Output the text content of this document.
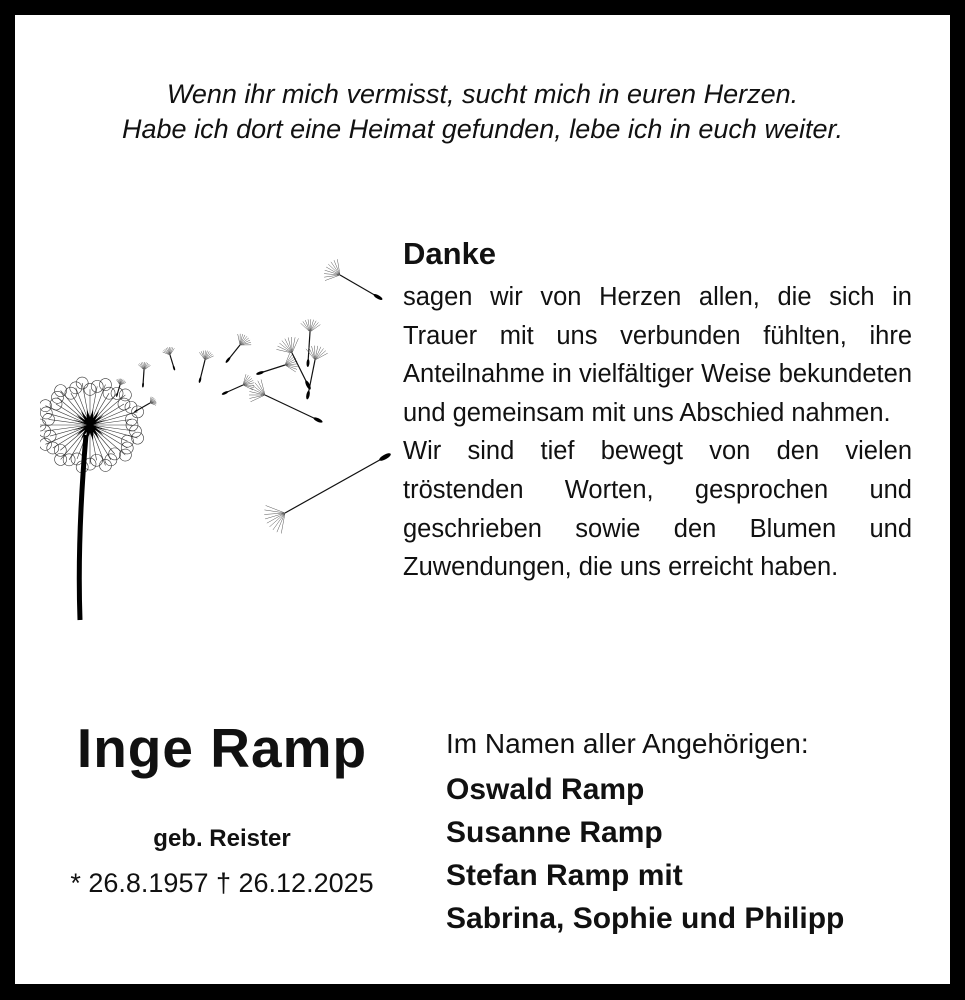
Wenn ihr mich vermisst, sucht mich in euren Herzen.
Habe ich dort eine Heimat gefunden, lebe ich in euch weiter.
Danke

sagen wir von Herzen allen, die sich in Trauer mit uns verbunden fühlten, ihre Anteilnahme in vielfältiger Weise bekundeten und gemeinsam mit uns Abschied nahmen.

Wir sind tief bewegt von den vielen tröstenden Worten, gesprochen und geschrieben sowie den Blumen und Zuwendungen, die uns erreicht haben.

Inge Ramp
geb. Reister
* 26.8.1957 † 26.12.2025
Im Namen aller Angehörigen:
Oswald Ramp
Susanne Ramp
Stefan Ramp mit
Sabrina, Sophie und Philipp
